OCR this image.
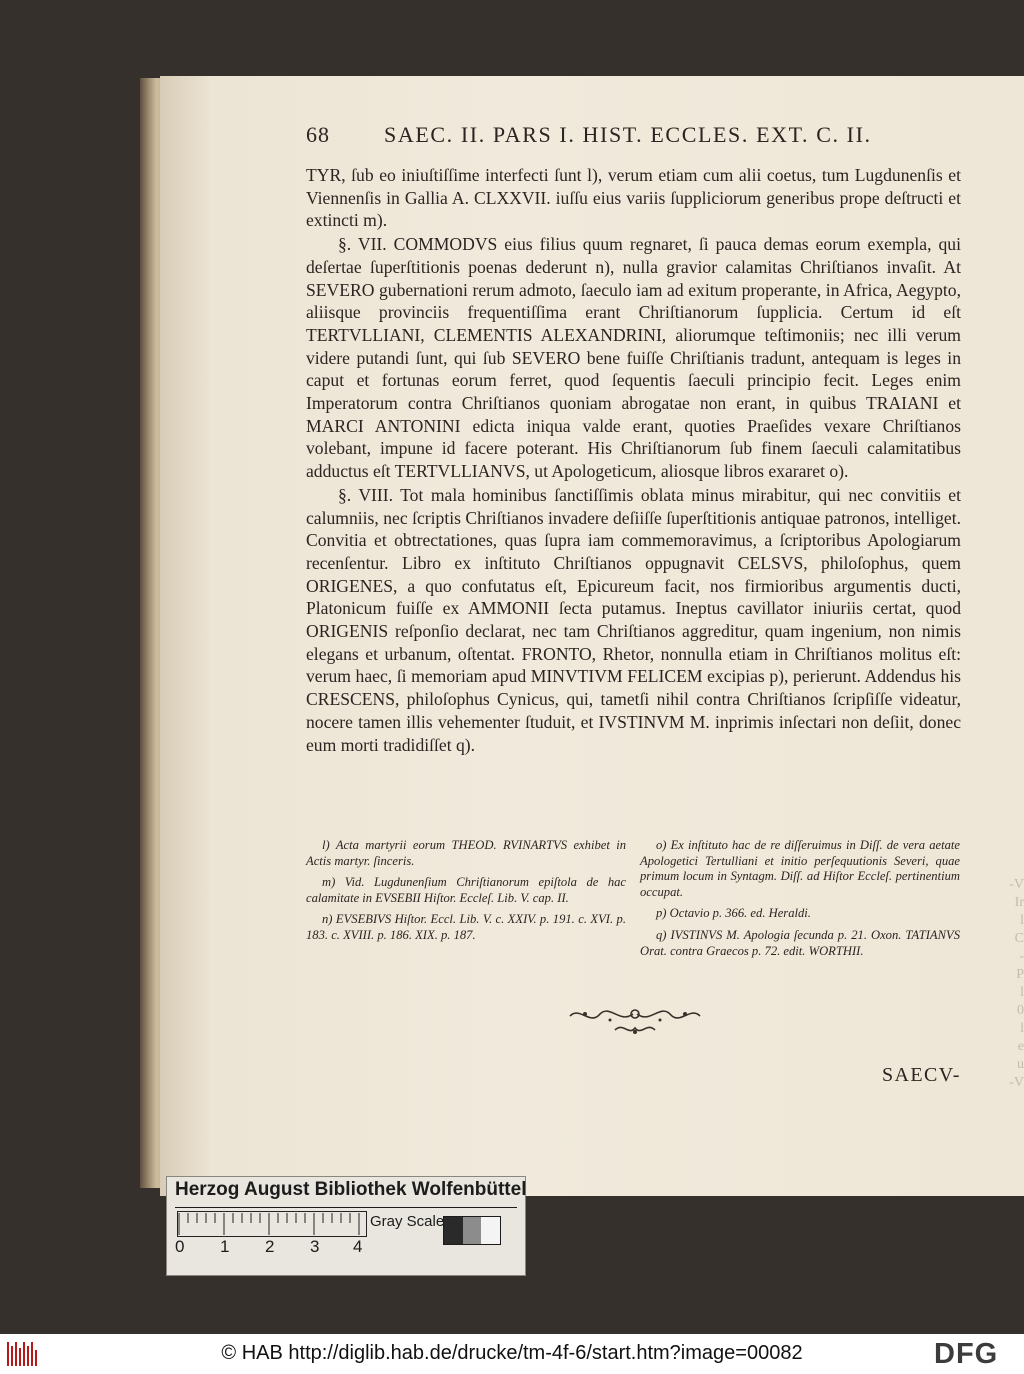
-V
Ir
l
C
-
P
l
0
l
e
u
-V
68 SAEC. II. PARS I. HIST. ECCLES. EXT. C. II.

TYR, ſub eo iniuſtiſſime interfecti ſunt l), verum etiam cum alii coetus, tum Lugdunenſis et Viennenſis in Gallia A. CLXXVII. iuſſu eius variis ſuppliciorum generibus prope deſtructi et extincti m).

§. VII. COMMODVS eius filius quum regnaret, ſi pauca demas eorum exempla, qui deſertae ſuperſtitionis poenas dederunt n), nulla gravior calamitas Chriſtianos invaſit. At SEVERO gubernationi rerum admoto, ſaeculo iam ad exitum properante, in Africa, Aegypto, aliisque provinciis frequentiſſima erant Chriſtianorum ſupplicia. Certum id eſt TERTVLLIANI, CLEMENTIS ALEXANDRINI, aliorumque teſtimoniis; nec illi verum videre putandi ſunt, qui ſub SEVERO bene fuiſſe Chriſtianis tradunt, antequam is leges in caput et fortunas eorum ferret, quod ſequentis ſaeculi principio fecit. Leges enim Imperatorum contra Chriſtianos quoniam abrogatae non erant, in quibus TRAIANI et MARCI ANTONINI edicta iniqua valde erant, quoties Praeſides vexare Chriſtianos volebant, impune id facere poterant. His Chriſtianorum ſub finem ſaeculi calamitatibus adductus eſt TERTVLLIANVS, ut Apologeticum, aliosque libros exararet o).

§. VIII. Tot mala hominibus ſanctiſſimis oblata minus mirabitur, qui nec convitiis et calumniis, nec ſcriptis Chriſtianos invadere deſiiſſe ſuperſtitionis antiquae patronos, intelliget. Convitia et obtrectationes, quas ſupra iam commemoravimus, a ſcriptoribus Apologiarum recenſentur. Libro ex inſtituto Chriſtianos oppugnavit CELSVS, philoſophus, quem ORIGENES, a quo confutatus eſt, Epicureum facit, nos firmioribus argumentis ducti, Platonicum fuiſſe ex AMMONII ſecta putamus. Ineptus cavillator iniuriis certat, quod ORIGENIS reſponſio declarat, nec tam Chriſtianos aggreditur, quam ingenium, non nimis elegans et urbanum, oſtentat. FRONTO, Rhetor, nonnulla etiam in Chriſtianos molitus eſt: verum haec, ſi memoriam apud MINVTIVM FELICEM excipias p), perierunt. Addendus his CRESCENS, philoſophus Cynicus, qui, tametſi nihil contra Chriſtianos ſcripſiſſe videatur, nocere tamen illis vehementer ſtuduit, et IVSTINVM M. inprimis inſectari non deſiit, donec eum morti tradidiſſet q).

l) Acta martyrii eorum THEOD. RVINARTVS exhibet in Actis martyr. ſinceris.

m) Vid. Lugdunenſium Chriſtianorum epiſtola de hac calamitate in EVSEBII Hiſtor. Eccleſ. Lib. V. cap. II.

n) EVSEBIVS Hiſtor. Eccl. Lib. V. c. XXIV. p. 191. c. XVI. p. 183. c. XVIII. p. 186. XIX. p. 187.

o) Ex inſtituto hac de re diſſeruimus in Diſſ. de vera aetate Apologetici Tertulliani et initio perſequutionis Severi, quae primum locum in Syntagm. Diſſ. ad Hiſtor Eccleſ. pertinentium occupat.

p) Octavio p. 366. ed. Heraldi.

q) IVSTINVS M. Apologia ſecunda p. 21. Oxon. TATIANVS Orat. contra Graecos p. 72. edit. WORTHII.

SAECV-
Herzog August Bibliothek Wolfenbüttel
0 1 2 3 4
Gray Scale
© HAB http://diglib.hab.de/drucke/tm-4f-6/start.htm?image=00082	DFG
